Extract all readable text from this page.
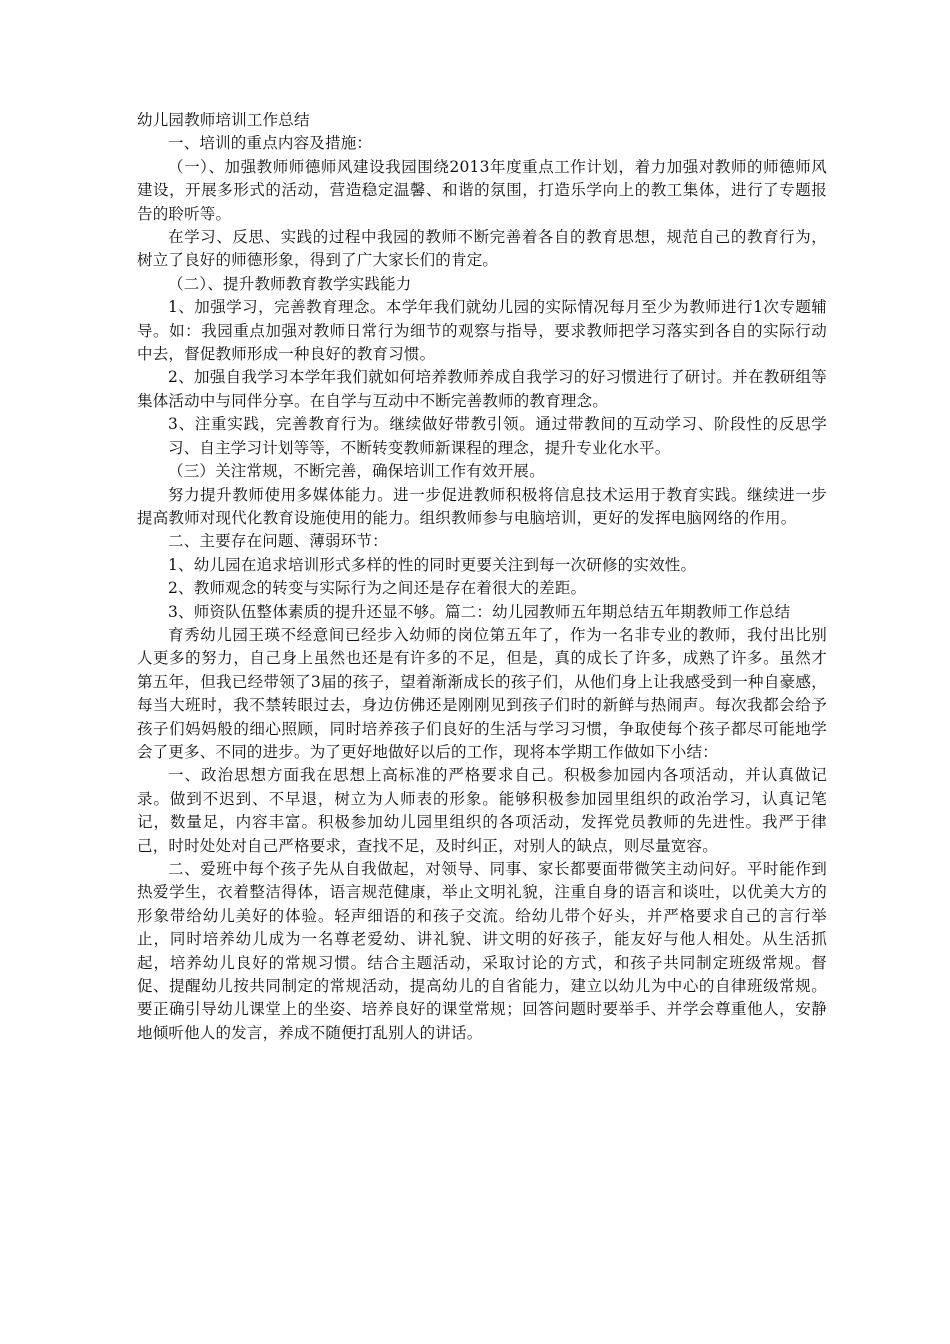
幼儿园教师培训工作总结

一、培训的重点内容及措施：

（一）、加强教师师德师风建设我园围绕2013年度重点工作计划，着力加强对教师的师德师风建设，开展多形式的活动，营造稳定温馨、和谐的氛围，打造乐学向上的教工集体，进行了专题报告的聆听等。

在学习、反思、实践的过程中我园的教师不断完善着各自的教育思想，规范自己的教育行为，树立了良好的师德形象，得到了广大家长们的肯定。

（二）、提升教师教育教学实践能力

1、加强学习，完善教育理念。本学年我们就幼儿园的实际情况每月至少为教师进行1次专题辅导。如：我园重点加强对教师日常行为细节的观察与指导，要求教师把学习落实到各自的实际行动中去，督促教师形成一种良好的教育习惯。

2、加强自我学习本学年我们就如何培养教师养成自我学习的好习惯进行了研讨。并在教研组等集体活动中与同伴分享。在自学与互动中不断完善教师的教育理念。

3、注重实践，完善教育行为。继续做好带教引领。通过带教间的互动学习、阶段性的反思学习、自主学习计划等等，不断转变教师新课程的理念，提升专业化水平。

（三）关注常规，不断完善，确保培训工作有效开展。

努力提升教师使用多媒体能力。进一步促进教师积极将信息技术运用于教育实践。继续进一步提高教师对现代化教育设施使用的能力。组织教师参与电脑培训，更好的发挥电脑网络的作用。

二、主要存在问题、薄弱环节：

1、幼儿园在追求培训形式多样的性的同时更要关注到每一次研修的实效性。

2、教师观念的转变与实际行为之间还是存在着很大的差距。

3、师资队伍整体素质的提升还显不够。篇二：幼儿园教师五年期总结五年期教师工作总结

育秀幼儿园王瑛不经意间已经步入幼师的岗位第五年了，作为一名非专业的教师，我付出比别人更多的努力，自己身上虽然也还是有许多的不足，但是，真的成长了许多，成熟了许多。虽然才第五年，但我已经带领了3届的孩子，望着渐渐成长的孩子们，从他们身上让我感受到一种自豪感，每当大班时，我不禁转眼过去，身边仿佛还是刚刚见到孩子们时的新鲜与热闹声。每次我都会给予孩子们妈妈般的细心照顾，同时培养孩子们良好的生活与学习习惯，争取使每个孩子都尽可能地学会了更多、不同的进步。为了更好地做好以后的工作，现将本学期工作做如下小结：

一、政治思想方面我在思想上高标准的严格要求自己。积极参加园内各项活动，并认真做记录。做到不迟到、不早退，树立为人师表的形象。能够积极参加园里组织的政治学习，认真记笔记，数量足，内容丰富。积极参加幼儿园里组织的各项活动，发挥党员教师的先进性。我严于律己，时时处处对自己严格要求，查找不足，及时纠正，对别人的缺点，则尽量宽容。

二、爱班中每个孩子先从自我做起，对领导、同事、家长都要面带微笑主动问好。平时能作到热爱学生，衣着整洁得体，语言规范健康，举止文明礼貌，注重自身的语言和谈吐，以优美大方的形象带给幼儿美好的体验。轻声细语的和孩子交流。给幼儿带个好头，并严格要求自己的言行举止，同时培养幼儿成为一名尊老爱幼、讲礼貌、讲文明的好孩子，能友好与他人相处。从生活抓起，培养幼儿良好的常规习惯。结合主题活动，采取讨论的方式，和孩子共同制定班级常规。督促、提醒幼儿按共同制定的常规活动，提高幼儿的自省能力，建立以幼儿为中心的自律班级常规。要正确引导幼儿课堂上的坐姿、培养良好的课堂常规；回答问题时要举手、并学会尊重他人，安静地倾听他人的发言，养成不随便打乱别人的讲话。
